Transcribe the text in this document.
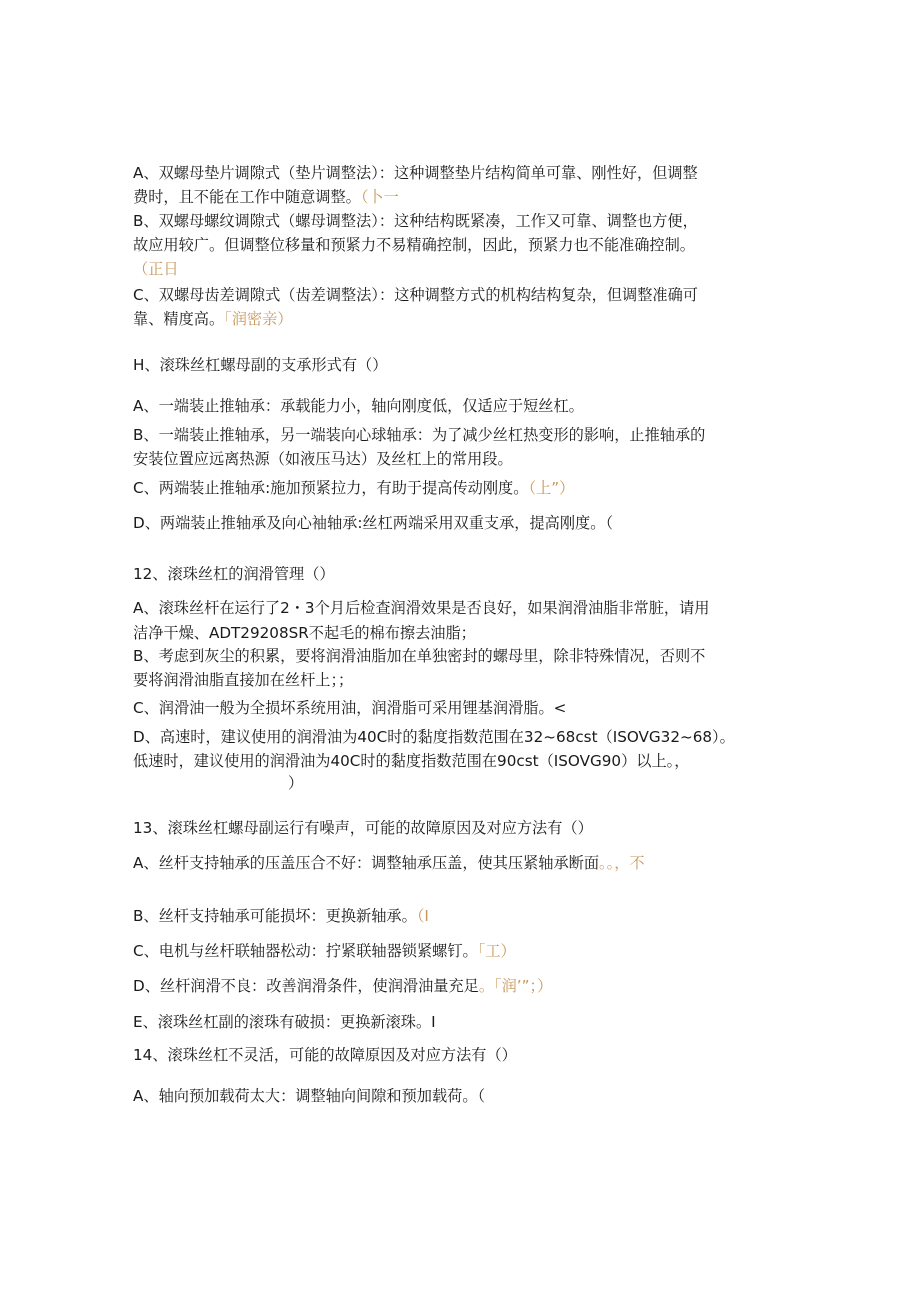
A、双螺母垫片调隙式（垫片调整法）：这种调整垫片结构简单可靠、刚性好，但调整

费时，且不能在工作中随意调整。（卜一

B、双螺母螺纹调隙式（螺母调整法）：这种结构既紧凑，工作又可靠、调整也方便，

故应用较广。但调整位移量和预紧力不易精确控制，因此，预紧力也不能准确控制。

（正日

C、双螺母齿差调隙式（齿差调整法）：这种调整方式的机构结构复杂，但调整准确可

靠、精度高。「润密亲）

H、滚珠丝杠螺母副的支承形式有（）

A、一端装止推轴承：承载能力小，轴向刚度低，仅适应于短丝杠。

B、一端装止推轴承，另一端装向心球轴承：为了减少丝杠热变形的影响，止推轴承的

安装位置应远离热源（如液压马达）及丝杠上的常用段。

C、两端装止推轴承:施加预紧拉力，有助于提高传动刚度。（上”）

D、两端装止推轴承及向心袖轴承:丝杠两端采用双重支承，提高刚度。（

12、滚珠丝杠的润滑管理（）

A、滚珠丝杆在运行了2・3个月后检查润滑效果是否良好，如果润滑油脂非常脏，请用

洁净干燥、ADT29208SR不起毛的棉布擦去油脂；

B、考虑到灰尘的积累，要将润滑油脂加在单独密封的螺母里，除非特殊情况，否则不

要将润滑油脂直接加在丝杆上；；

C、润滑油一般为全损坏系统用油，润滑脂可采用锂基润滑脂。<

D、高速时，建议使用的润滑油为40C时的黏度指数范围在32~68cst（ISOVG32~68）。

低速时，建议使用的润滑油为40C时的黏度指数范围在90cst（ISOVG90）以上。，

）

13、滚珠丝杠螺母副运行有噪声，可能的故障原因及对应方法有（）

A、丝杆支持轴承的压盖压合不好：调整轴承压盖，使其压紧轴承断面。。，不

B、丝杆支持轴承可能损坏：更换新轴承。（I

C、电机与丝杆联轴器松动：拧紧联轴器锁紧螺钉。「工）

D、丝杆润滑不良：改善润滑条件，使润滑油量充足。「润’”；）

E、滚珠丝杠副的滚珠有破损：更换新滚珠。I

14、滚珠丝杠不灵活，可能的故障原因及对应方法有（）

A、轴向预加载荷太大：调整轴向间隙和预加载荷。（
